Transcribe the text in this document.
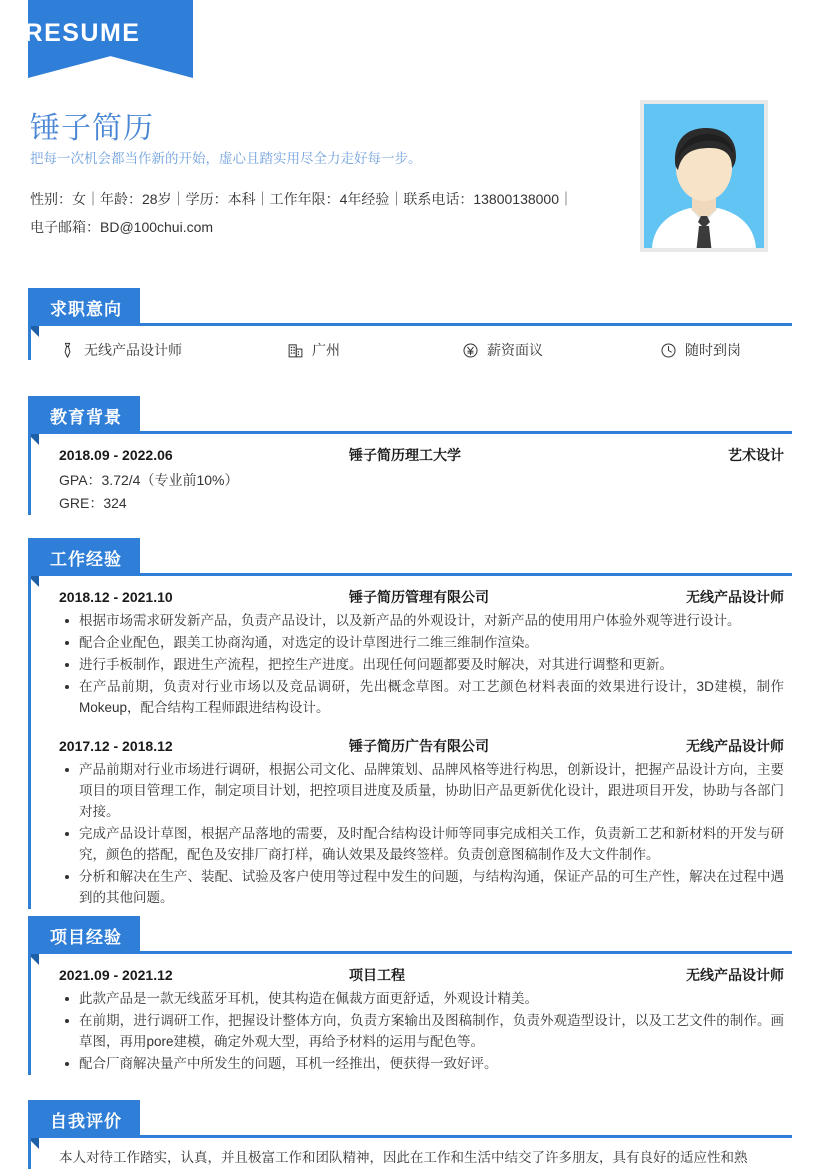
RESUME
锤子简历
把每一次机会都当作新的开始，虚心且踏实用尽全力走好每一步。
性别：女｜年龄：28岁｜学历：本科｜工作年限：4年经验｜联系电话：13800138000｜
电子邮箱：BD@100chui.com
求职意向
无线产品设计师	广州	薪资面议	随时到岗
教育背景
2018.09 - 2022.06	锤子简历理工大学	艺术设计
GPA：3.72/4（专业前10%）
GRE：324
工作经验
2018.12 - 2021.10	锤子简历管理有限公司	无线产品设计师
根据市场需求研发新产品，负责产品设计，以及新产品的外观设计，对新产品的使用用户体验外观等进行设计。
配合企业配色，跟美工协商沟通，对选定的设计草图进行二维三维制作渲染。
进行手板制作，跟进生产流程，把控生产进度。出现任何问题都要及时解决，对其进行调整和更新。
在产品前期，负责对行业市场以及竞品调研，先出概念草图。对工艺颜色材料表面的效果进行设计，3D建模，制作Mokeup，配合结构工程师跟进结构设计。
2017.12 - 2018.12	锤子简历广告有限公司	无线产品设计师
产品前期对行业市场进行调研，根据公司文化、品牌策划、品牌风格等进行构思，创新设计，把握产品设计方向，主要项目的项目管理工作，制定项目计划，把控项目进度及质量，协助旧产品更新优化设计，跟进项目开发，协助与各部门对接。
完成产品设计草图，根据产品落地的需要，及时配合结构设计师等同事完成相关工作，负责新工艺和新材料的开发与研究，颜色的搭配，配色及安排厂商打样，确认效果及最终签样。负责创意图稿制作及大文件制作。
分析和解决在生产、装配、试验及客户使用等过程中发生的问题，与结构沟通，保证产品的可生产性，解决在过程中遇到的其他问题。
项目经验
2021.09 - 2021.12	项目工程	无线产品设计师
此款产品是一款无线蓝牙耳机，使其构造在佩裁方面更舒适，外观设计精美。
在前期，进行调研工作，把握设计整体方向，负责方案输出及图稿制作，负责外观造型设计，以及工艺文件的制作。画草图，再用pore建模，确定外观大型，再给予材料的运用与配色等。
配合厂商解决量产中所发生的问题，耳机一经推出，便获得一致好评。
自我评价
本人对待工作踏实，认真，并且极富工作和团队精神，因此在工作和生活中结交了许多朋友，具有良好的适应性和熟
